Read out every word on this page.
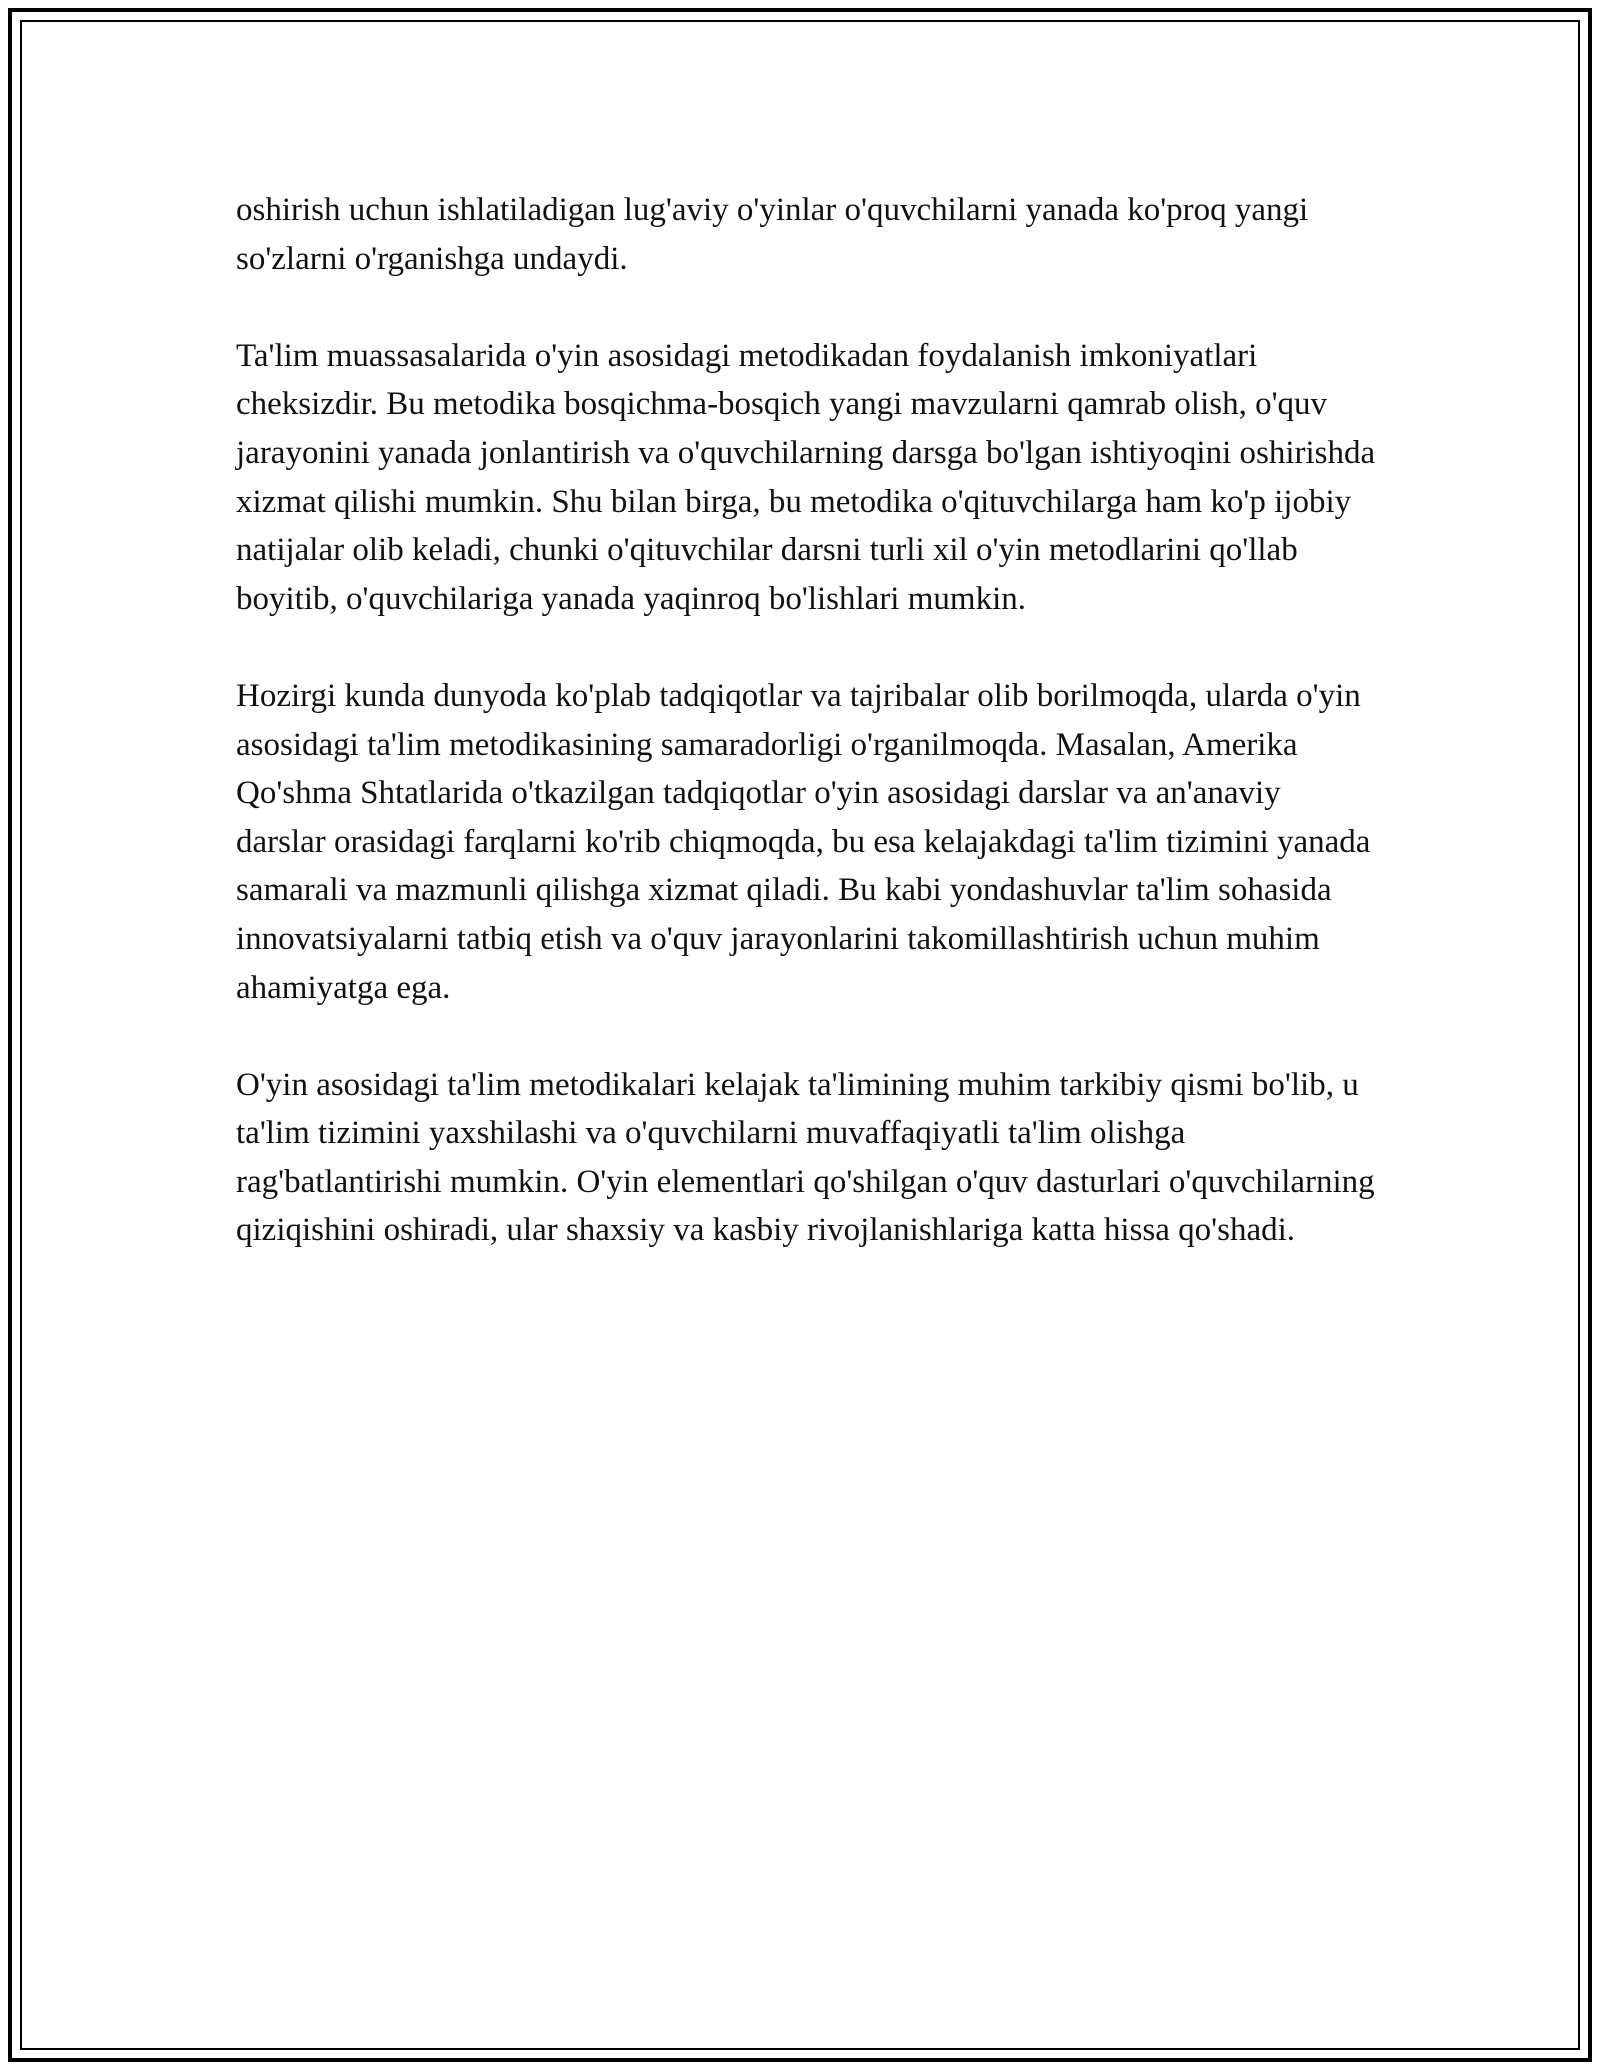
oshirish uchun ishlatiladigan lug'aviy o'yinlar o'quvchilarni yanada ko'proq yangi so'zlarni o'rganishga undaydi.

Ta'lim muassasalarida o'yin asosidagi metodikadan foydalanish imkoniyatlari cheksizdir. Bu metodika bosqichma-bosqich yangi mavzularni qamrab olish, o'quv jarayonini yanada jonlantirish va o'quvchilarning darsga bo'lgan ishtiyoqini oshirishda xizmat qilishi mumkin. Shu bilan birga, bu metodika o'qituvchilarga ham ko'p ijobiy natijalar olib keladi, chunki o'qituvchilar darsni turli xil o'yin metodlarini qo'llab boyitib, o'quvchilariga yanada yaqinroq bo'lishlari mumkin.

Hozirgi kunda dunyoda ko'plab tadqiqotlar va tajribalar olib borilmoqda, ularda o'yin asosidagi ta'lim metodikasining samaradorligi o'rganilmoqda. Masalan, Amerika Qo'shma Shtatlarida o'tkazilgan tadqiqotlar o'yin asosidagi darslar va an'anaviy darslar orasidagi farqlarni ko'rib chiqmoqda, bu esa kelajakdagi ta'lim tizimini yanada samarali va mazmunli qilishga xizmat qiladi. Bu kabi yondashuvlar ta'lim sohasida innovatsiyalarni tatbiq etish va o'quv jarayonlarini takomillashtirish uchun muhim ahamiyatga ega.

O'yin asosidagi ta'lim metodikalari kelajak ta'limining muhim tarkibiy qismi bo'lib, u ta'lim tizimini yaxshilashi va o'quvchilarni muvaffaqiyatli ta'lim olishga rag'batlantirishi mumkin. O'yin elementlari qo'shilgan o'quv dasturlari o'quvchilarning qiziqishini oshiradi, ular shaxsiy va kasbiy rivojlanishlariga katta hissa qo'shadi.
